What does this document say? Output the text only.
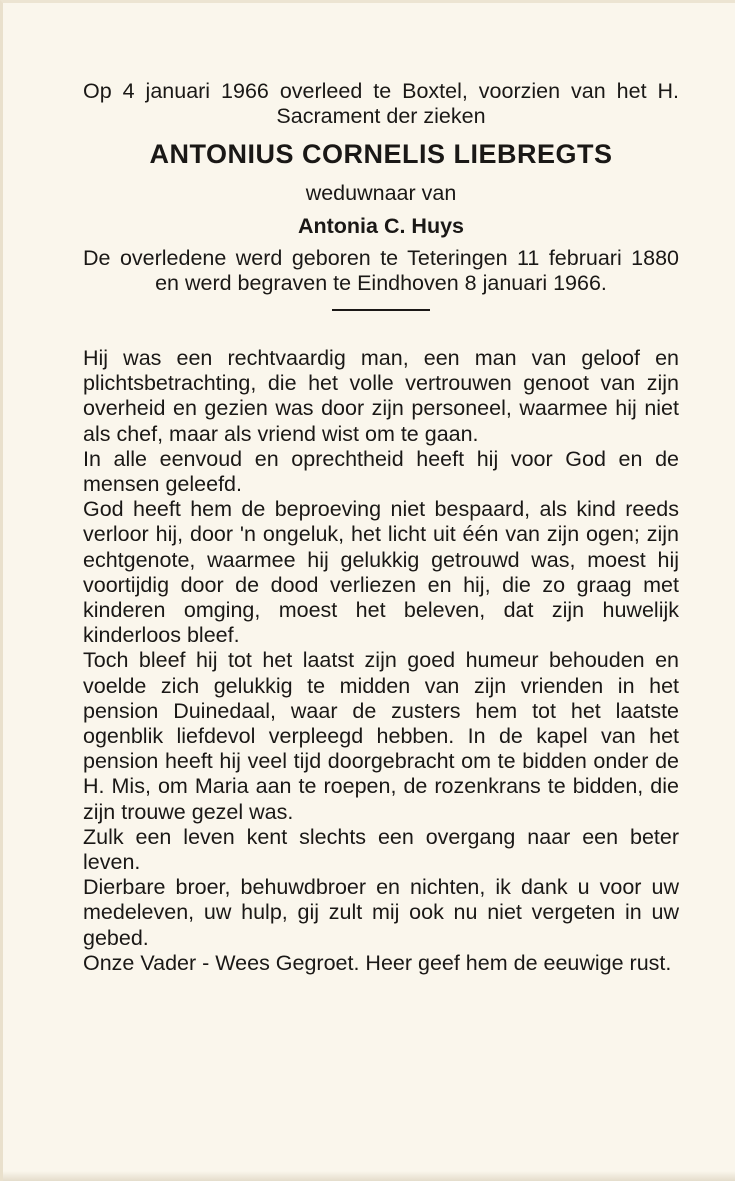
Op 4 januari 1966 overleed te Boxtel, voorzien van het H. Sacrament der zieken
ANTONIUS CORNELIS LIEBREGTS
weduwnaar van
Antonia C. Huys
De overledene werd geboren te Teteringen 11 februari 1880 en werd begraven te Eindhoven 8 januari 1966.

Hij was een rechtvaardig man, een man van geloof en plichtsbetrachting, die het volle vertrouwen genoot van zijn overheid en gezien was door zijn personeel, waarmee hij niet als chef, maar als vriend wist om te gaan.

In alle eenvoud en oprechtheid heeft hij voor God en de mensen geleefd.

God heeft hem de beproeving niet bespaard, als kind reeds verloor hij, door 'n ongeluk, het licht uit één van zijn ogen; zijn echtgenote, waarmee hij gelukkig getrouwd was, moest hij voortijdig door de dood verliezen en hij, die zo graag met kinderen omging, moest het beleven, dat zijn huwelijk kinderloos bleef.

Toch bleef hij tot het laatst zijn goed humeur behouden en voelde zich gelukkig te midden van zijn vrienden in het pension Duinedaal, waar de zusters hem tot het laatste ogenblik liefdevol verpleegd hebben. In de kapel van het pension heeft hij veel tijd doorgebracht om te bidden onder de H. Mis, om Maria aan te roepen, de rozenkrans te bidden, die zijn trouwe gezel was.

Zulk een leven kent slechts een overgang naar een beter leven.

Dierbare broer, behuwdbroer en nichten, ik dank u voor uw medeleven, uw hulp, gij zult mij ook nu niet vergeten in uw gebed.

Onze Vader - Wees Gegroet. Heer geef hem de eeuwige rust.
